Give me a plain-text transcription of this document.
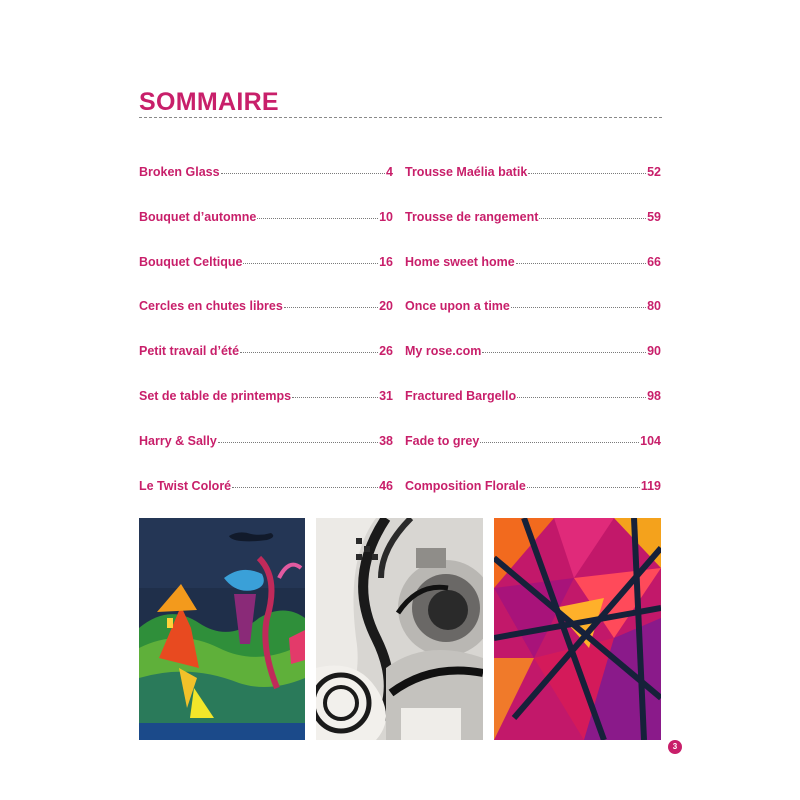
SOMMAIRE
Broken Glass	4
Bouquet d’automne	10
Bouquet Celtique	16
Cercles en chutes libres	20
Petit travail d’été	26
Set de table de printemps	31
Harry & Sally	38
Le Twist Coloré	46
Trousse Maélia batik	52
Trousse de rangement	59
Home sweet home	66
Once upon a time	80
My rose.com	90
Fractured Bargello	98
Fade to grey	104
Composition Florale	119
3
